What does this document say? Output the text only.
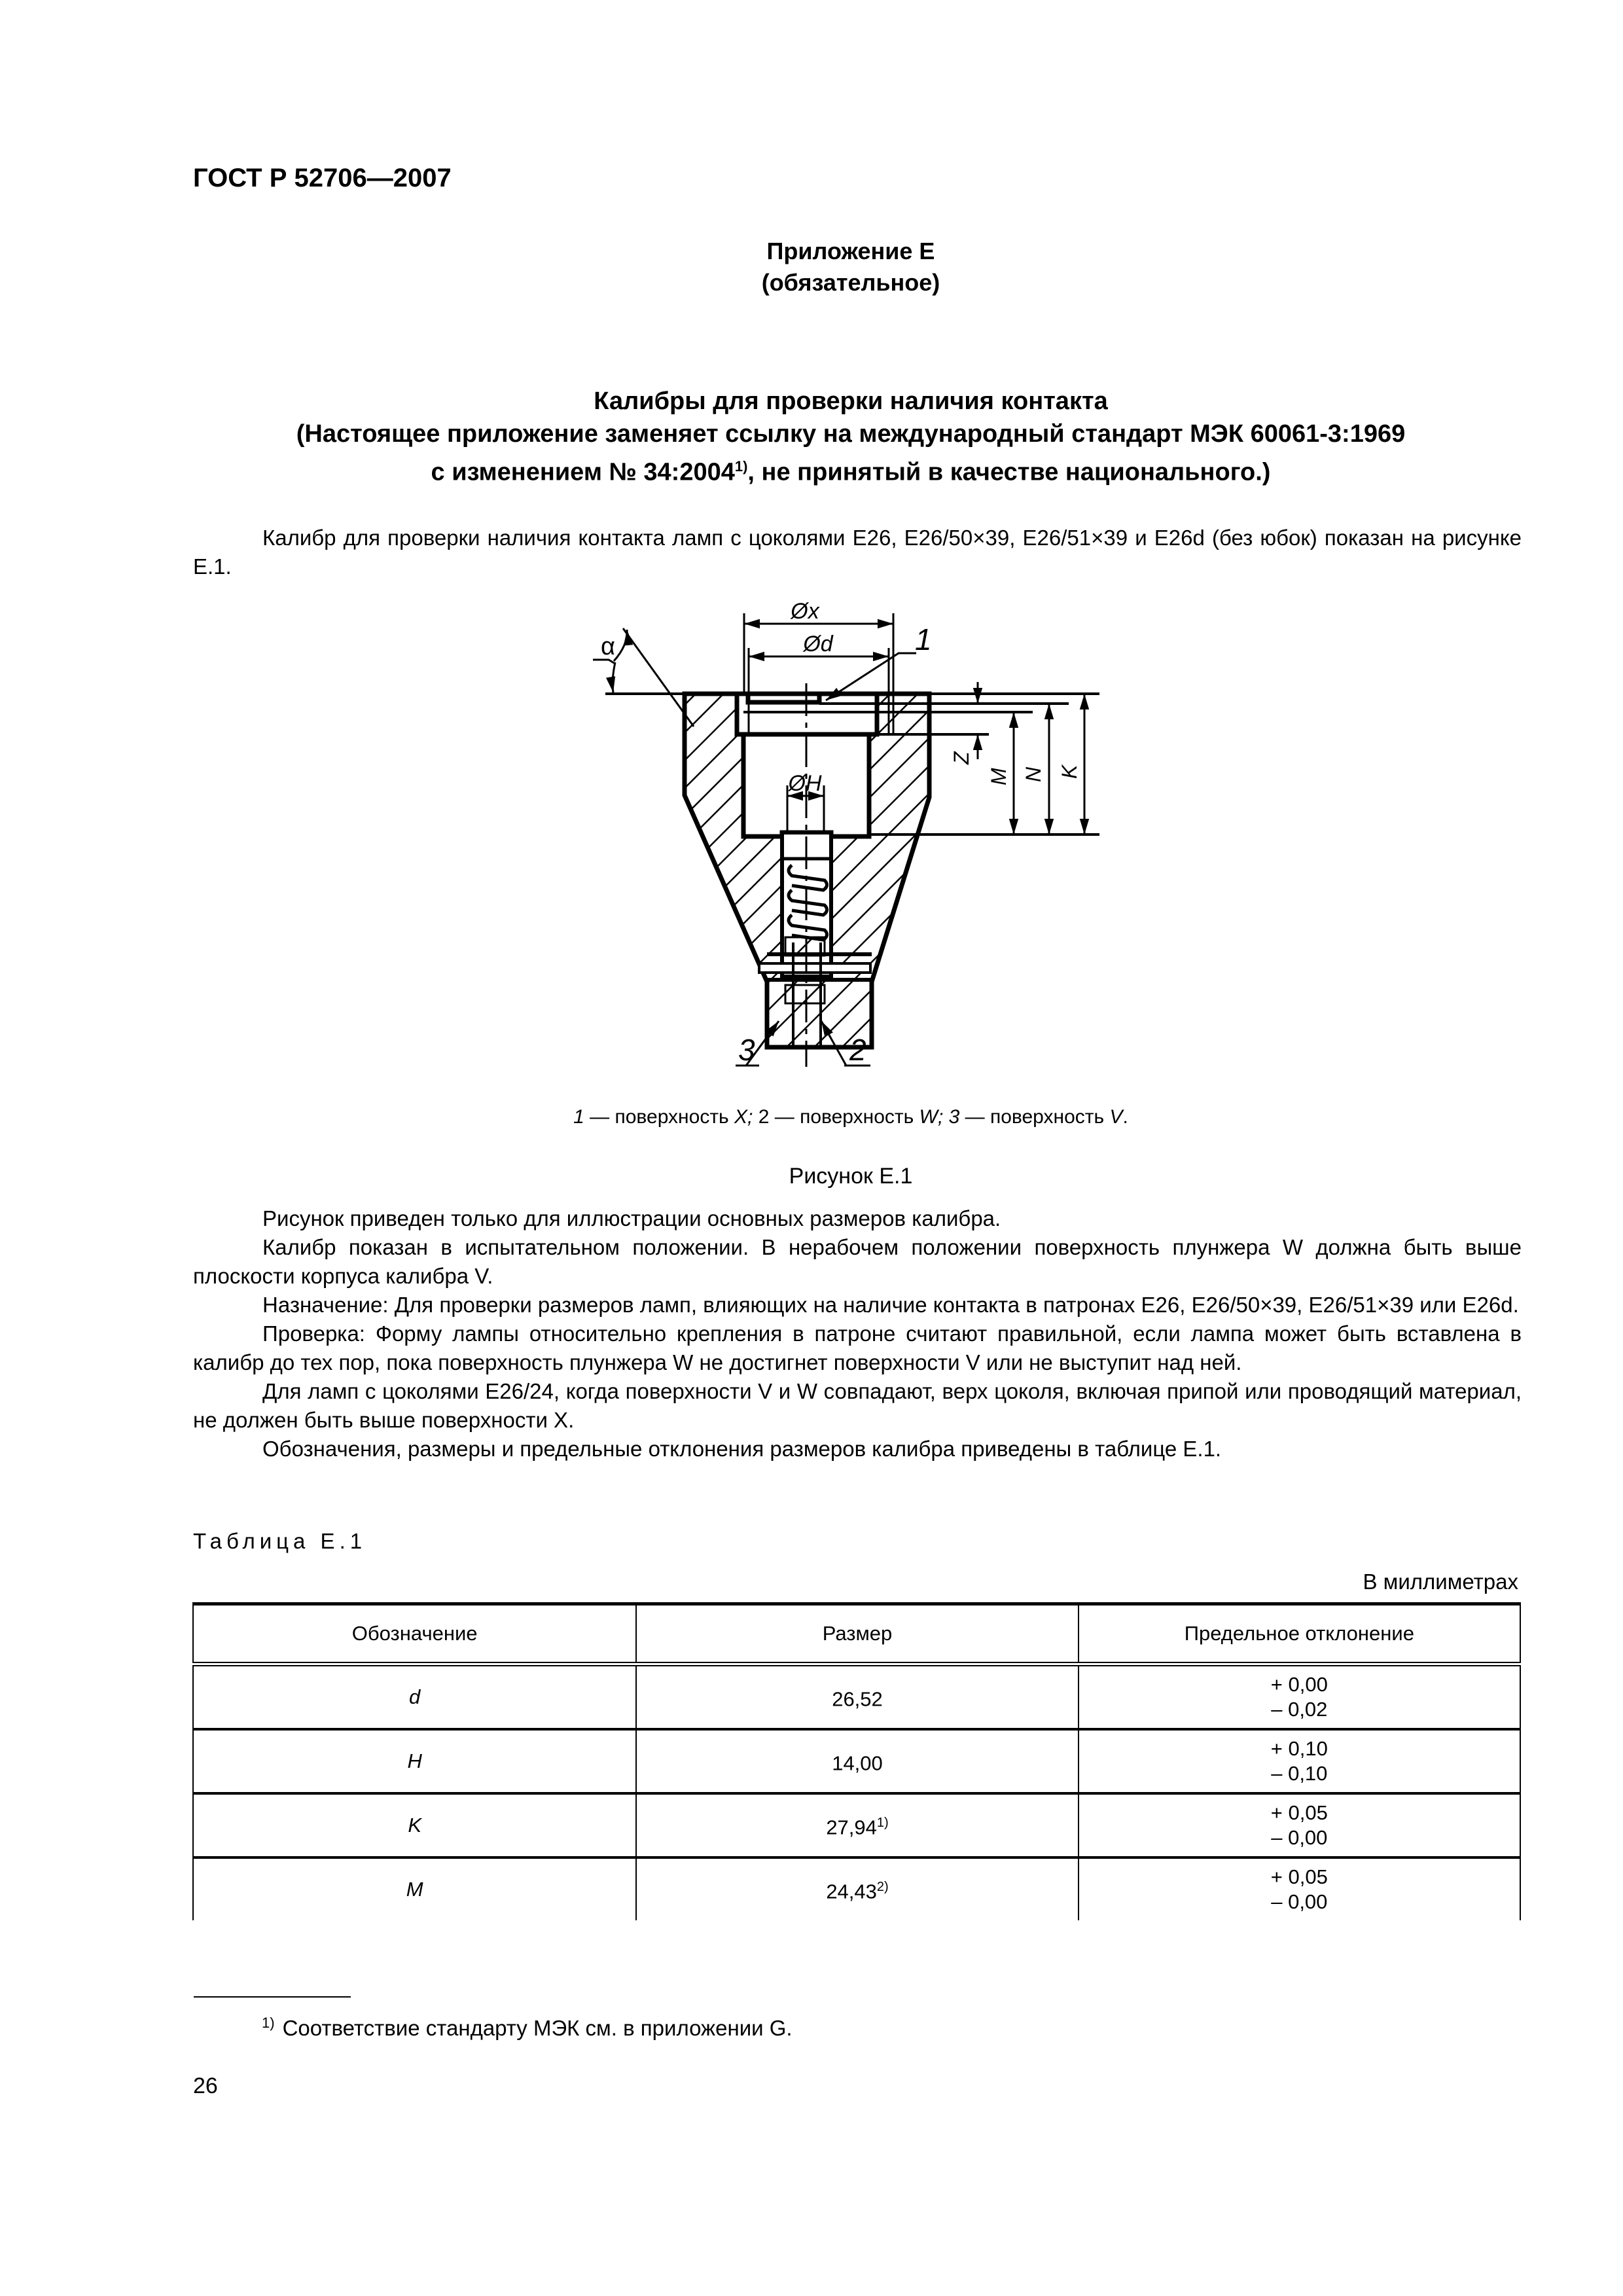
ГОСТ Р 52706—2007
Приложение Е
(обязательное)
Калибры для проверки наличия контакта
(Настоящее приложение заменяет ссылку на международный стандарт МЭК 60061-3:1969
с изменением № 34:2004$^{1)}$, не принятый в качестве национального.)

Калибр для проверки наличия контакта ламп с цоколями Е26, Е26/50×39, Е26/51×39 и Е26d (без юбок) показан на рисунке Е.1.

Øx
Ød
ØH
α	1
3	2
Z
M N K
1 — поверхность X; 2 — поверхность W; 3 — поверхность V.
Рисунок Е.1

Рисунок приведен только для иллюстрации основных размеров калибра.

Калибр показан в испытательном положении. В нерабочем положении поверхность плунжера W должна быть выше плоскости корпуса калибра V.

Назначение: Для проверки размеров ламп, влияющих на наличие контакта в патронах Е26, Е26/50×39, Е26/51×39 или Е26d.

Проверка: Форму лампы относительно крепления в патроне считают правильной, если лампа может быть вставлена в калибр до тех пор, пока поверхность плунжера W не достигнет поверхности V или не выступит над ней.

Для ламп с цоколями Е26/24, когда поверхности V и W совпадают, верх цоколя, включая припой или проводящий материал, не должен быть выше поверхности X.

Обозначения, размеры и предельные отклонения размеров калибра приведены в таблице Е.1.

Таблица Е.1
В миллиметрах
Обозначение	Размер	Предельное отклонение
d	26,52	+ 0,00
– 0,02

H	14,00	+ 0,10
– 0,10

K	$27,94^{1)}$	+ 0,05
– 0,00

M	$24,43^{2)}$	+ 0,05
– 0,00
$^{1)}$ Соответствие стандарту МЭК см. в приложении G.
26
